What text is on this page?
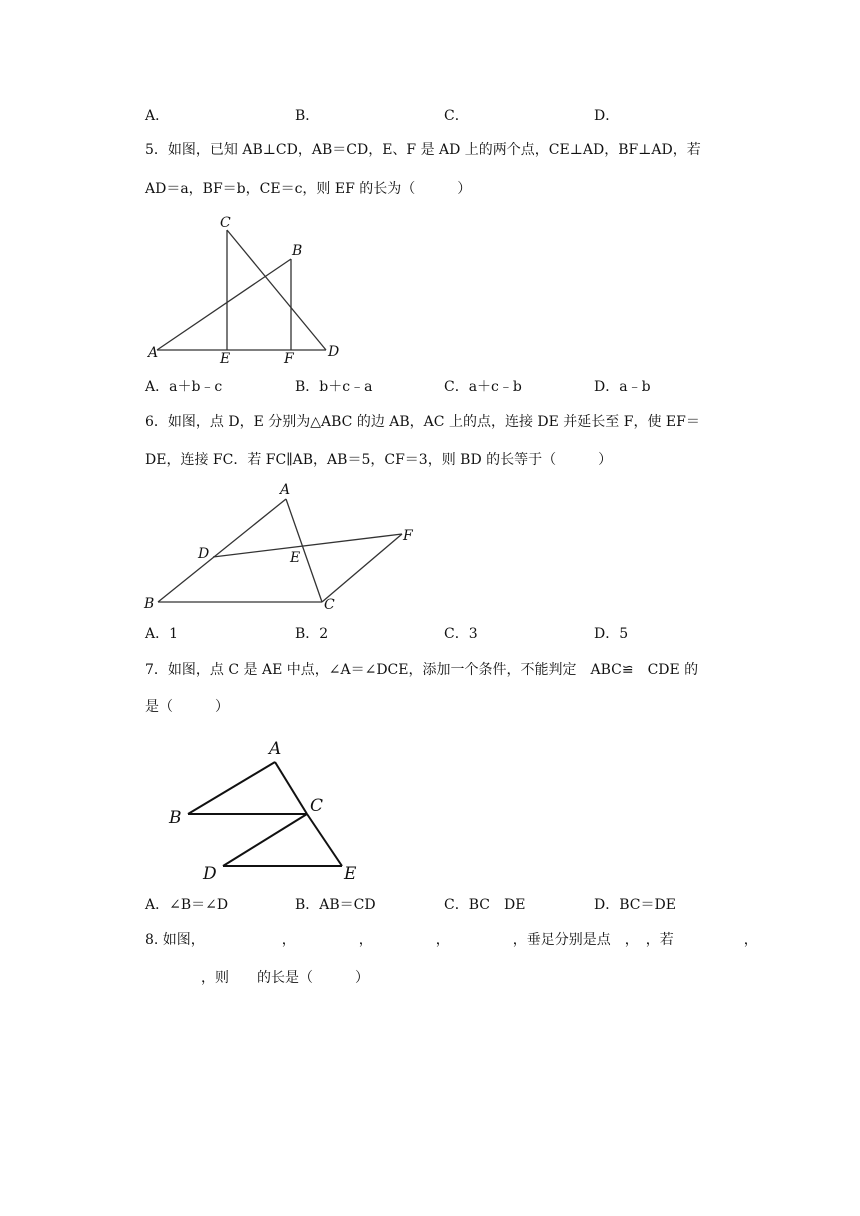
A．	B．	C．	D．
5．如图，已知 AB⊥CD，AB＝CD，E、F 是 AD 上的两个点，CE⊥AD，BF⊥AD，若
AD＝a，BF＝b，CE＝c，则 EF 的长为（　　　）
A
C
B
E	F D
A．a＋b﹣c	B．b＋c﹣a	C．a＋c﹣b	D．a﹣b
6．如图，点 D，E 分别为△ABC 的边 AB，AC 上的点，连接 DE 并延长至 F，使 EF＝
DE，连接 FC．若 FC∥AB，AB＝5，CF＝3，则 BD 的长等于（　　　）
A
B	C
D	E
F
A．1	B．2	C．3	D．5
7．如图，点 C 是 AE 中点，∠A＝∠DCE，添加一个条件，不能判定　ABC≌　CDE 的
是（　　　）
A
B
C
D	E
A．∠B＝∠D	B．AB＝CD	C．BC　DE	D．BC＝DE
8. 如图，　　　　　　，　　　　　，　　　　　，　　　　　，垂足分别是点　，　，若　　　　　，
　　　　，则　　的长是（　　　）
